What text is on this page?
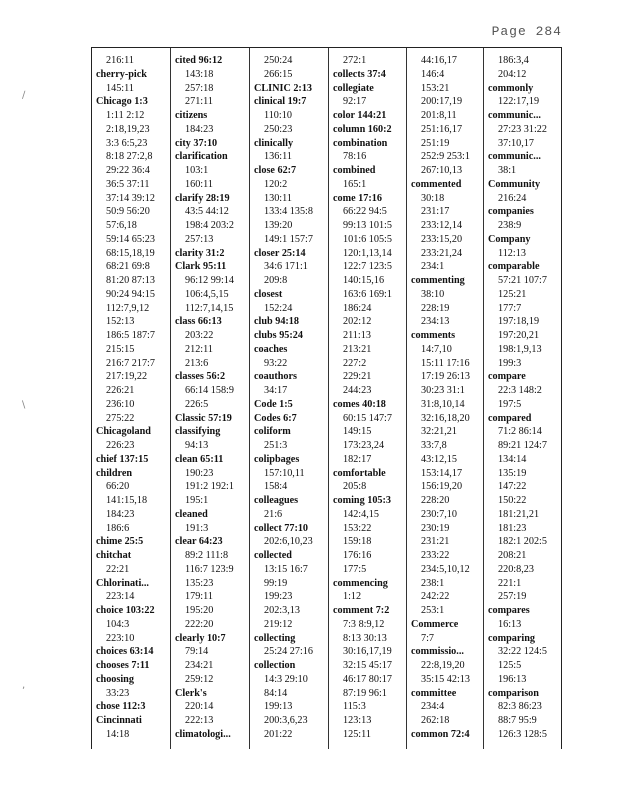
Page 284
∕
∖
,
216:11
cherry-pick
145:11
Chicago 1:3
1:11 2:12
2:18,19,23
3:3 6:5,23
8:18 27:2,8
29:22 36:4
36:5 37:11
37:14 39:12
50:9 56:20
57:6,18
59:14 65:23
68:15,18,19
68:21 69:8
81:20 87:13
90:24 94:15
112:7,9,12
152:13
186:5 187:7
215:15
216:7 217:7
217:19,22
226:21
236:10
275:22
Chicagoland
226:23
chief 137:15
children
66:20
141:15,18
184:23
186:6
chime 25:5
chitchat
22:21
Chlorinati...
223:14
choice 103:22
104:3
223:10
choices 63:14
chooses 7:11
choosing
33:23
chose 112:3
Cincinnati
14:18
cited 96:12
143:18
257:18
271:11
citizens
184:23
city 37:10
clarification
103:1
160:11
clarify 28:19
43:5 44:12
198:4 203:2
257:13
clarity 31:2
Clark 95:11
96:12 99:14
106:4,5,15
112:7,14,15
class 66:13
203:22
212:11
213:6
classes 56:2
66:14 158:9
226:5
Classic 57:19
classifying
94:13
clean 65:11
190:23
191:2 192:1
195:1
cleaned
191:3
clear 64:23
89:2 111:8
116:7 123:9
135:23
179:11
195:20
222:20
clearly 10:7
79:14
234:21
259:12
Clerk's
220:14
222:13
climatologi...
250:24
266:15
CLINIC 2:13
clinical 19:7
110:10
250:23
clinically
136:11
close 62:7
120:2
130:11
133:4 135:8
139:20
149:1 157:7
closer 25:14
34:6 171:1
209:8
closest
152:24
club 94:18
clubs 95:24
coaches
93:22
coauthors
34:17
Code 1:5
Codes 6:7
coliform
251:3
colipbages
157:10,11
158:4
colleagues
21:6
collect 77:10
202:6,10,23
collected
13:15 16:7
99:19
199:23
202:3,13
219:12
collecting
25:24 27:16
collection
14:3 29:10
84:14
199:13
200:3,6,23
201:22
272:1
collects 37:4
collegiate
92:17
color 144:21
column 160:2
combination
78:16
combined
165:1
come 17:16
66:22 94:5
99:13 101:5
101:6 105:5
120:1,13,14
122:7 123:5
140:15,16
163:6 169:1
186:24
202:12
211:13
213:21
227:2
229:21
244:23
comes 40:18
60:15 147:7
149:15
173:23,24
182:17
comfortable
205:8
coming 105:3
142:4,15
153:22
159:18
176:16
177:5
commencing
1:12
comment 7:2
7:3 8:9,12
8:13 30:13
30:16,17,19
32:15 45:17
46:17 80:17
87:19 96:1
115:3
123:13
125:11
44:16,17
146:4
153:21
200:17,19
201:8,11
251:16,17
251:19
252:9 253:1
267:10,13
commented
30:18
231:17
233:12,14
233:15,20
233:21,24
234:1
commenting
38:10
228:19
234:13
comments
14:7,10
15:11 17:16
17:19 26:13
30:23 31:1
31:8,10,14
32:16,18,20
32:21,21
33:7,8
43:12,15
153:14,17
156:19,20
228:20
230:7,10
230:19
231:21
233:22
234:5,10,12
238:1
242:22
253:1
Commerce
7:7
commissio...
22:8,19,20
35:15 42:13
committee
234:4
262:18
common 72:4
186:3,4
204:12
commonly
122:17,19
communic...
27:23 31:22
37:10,17
communic...
38:1
Community
216:24
companies
238:9
Company
112:13
comparable
57:21 107:7
125:21
177:7
197:18,19
197:20,21
198:1,9,13
199:3
compare
22:3 148:2
197:5
compared
71:2 86:14
89:21 124:7
134:14
135:19
147:22
150:22
181:21,21
181:23
182:1 202:5
208:21
220:8,23
221:1
257:19
compares
16:13
comparing
32:22 124:5
125:5
196:13
comparison
82:3 86:23
88:7 95:9
126:3 128:5
